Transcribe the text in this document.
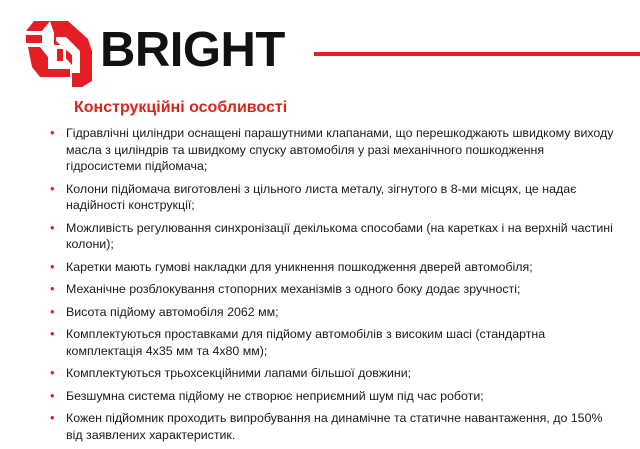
BRIGHT
Конструкційні особливості
• Гідравлічні циліндри оснащені парашутними клапанами, що перешкоджають швидкому виходу масла з циліндрів та швидкому спуску автомобіля у разі механічного пошкодження гідросистеми підйомача;
• Колони підйомача виготовлені з цільного листа металу, зігнутого в 8-ми місцях, це надає надійності конструкції;
• Можливість регулювання синхронізації декількома способами (на каретках і на верхній частині колони);
• Каретки мають гумові накладки для уникнення пошкодження дверей автомобіля;
• Механічне розблокування стопорних механізмів з одного боку додає зручності;
• Висота підйому автомобіля 2062 мм;
• Комплектуються проставками для підйому автомобілів з високим шасі (стандартна комплектація 4х35 мм та 4х80 мм);
• Комплектуються трьохсекційними лапами більшої довжини;
• Безшумна система підйому не створює неприємний шум під час роботи;
• Кожен підйомник проходить випробування на динамічне та статичне навантаження, до 150% від заявлених характеристик.
